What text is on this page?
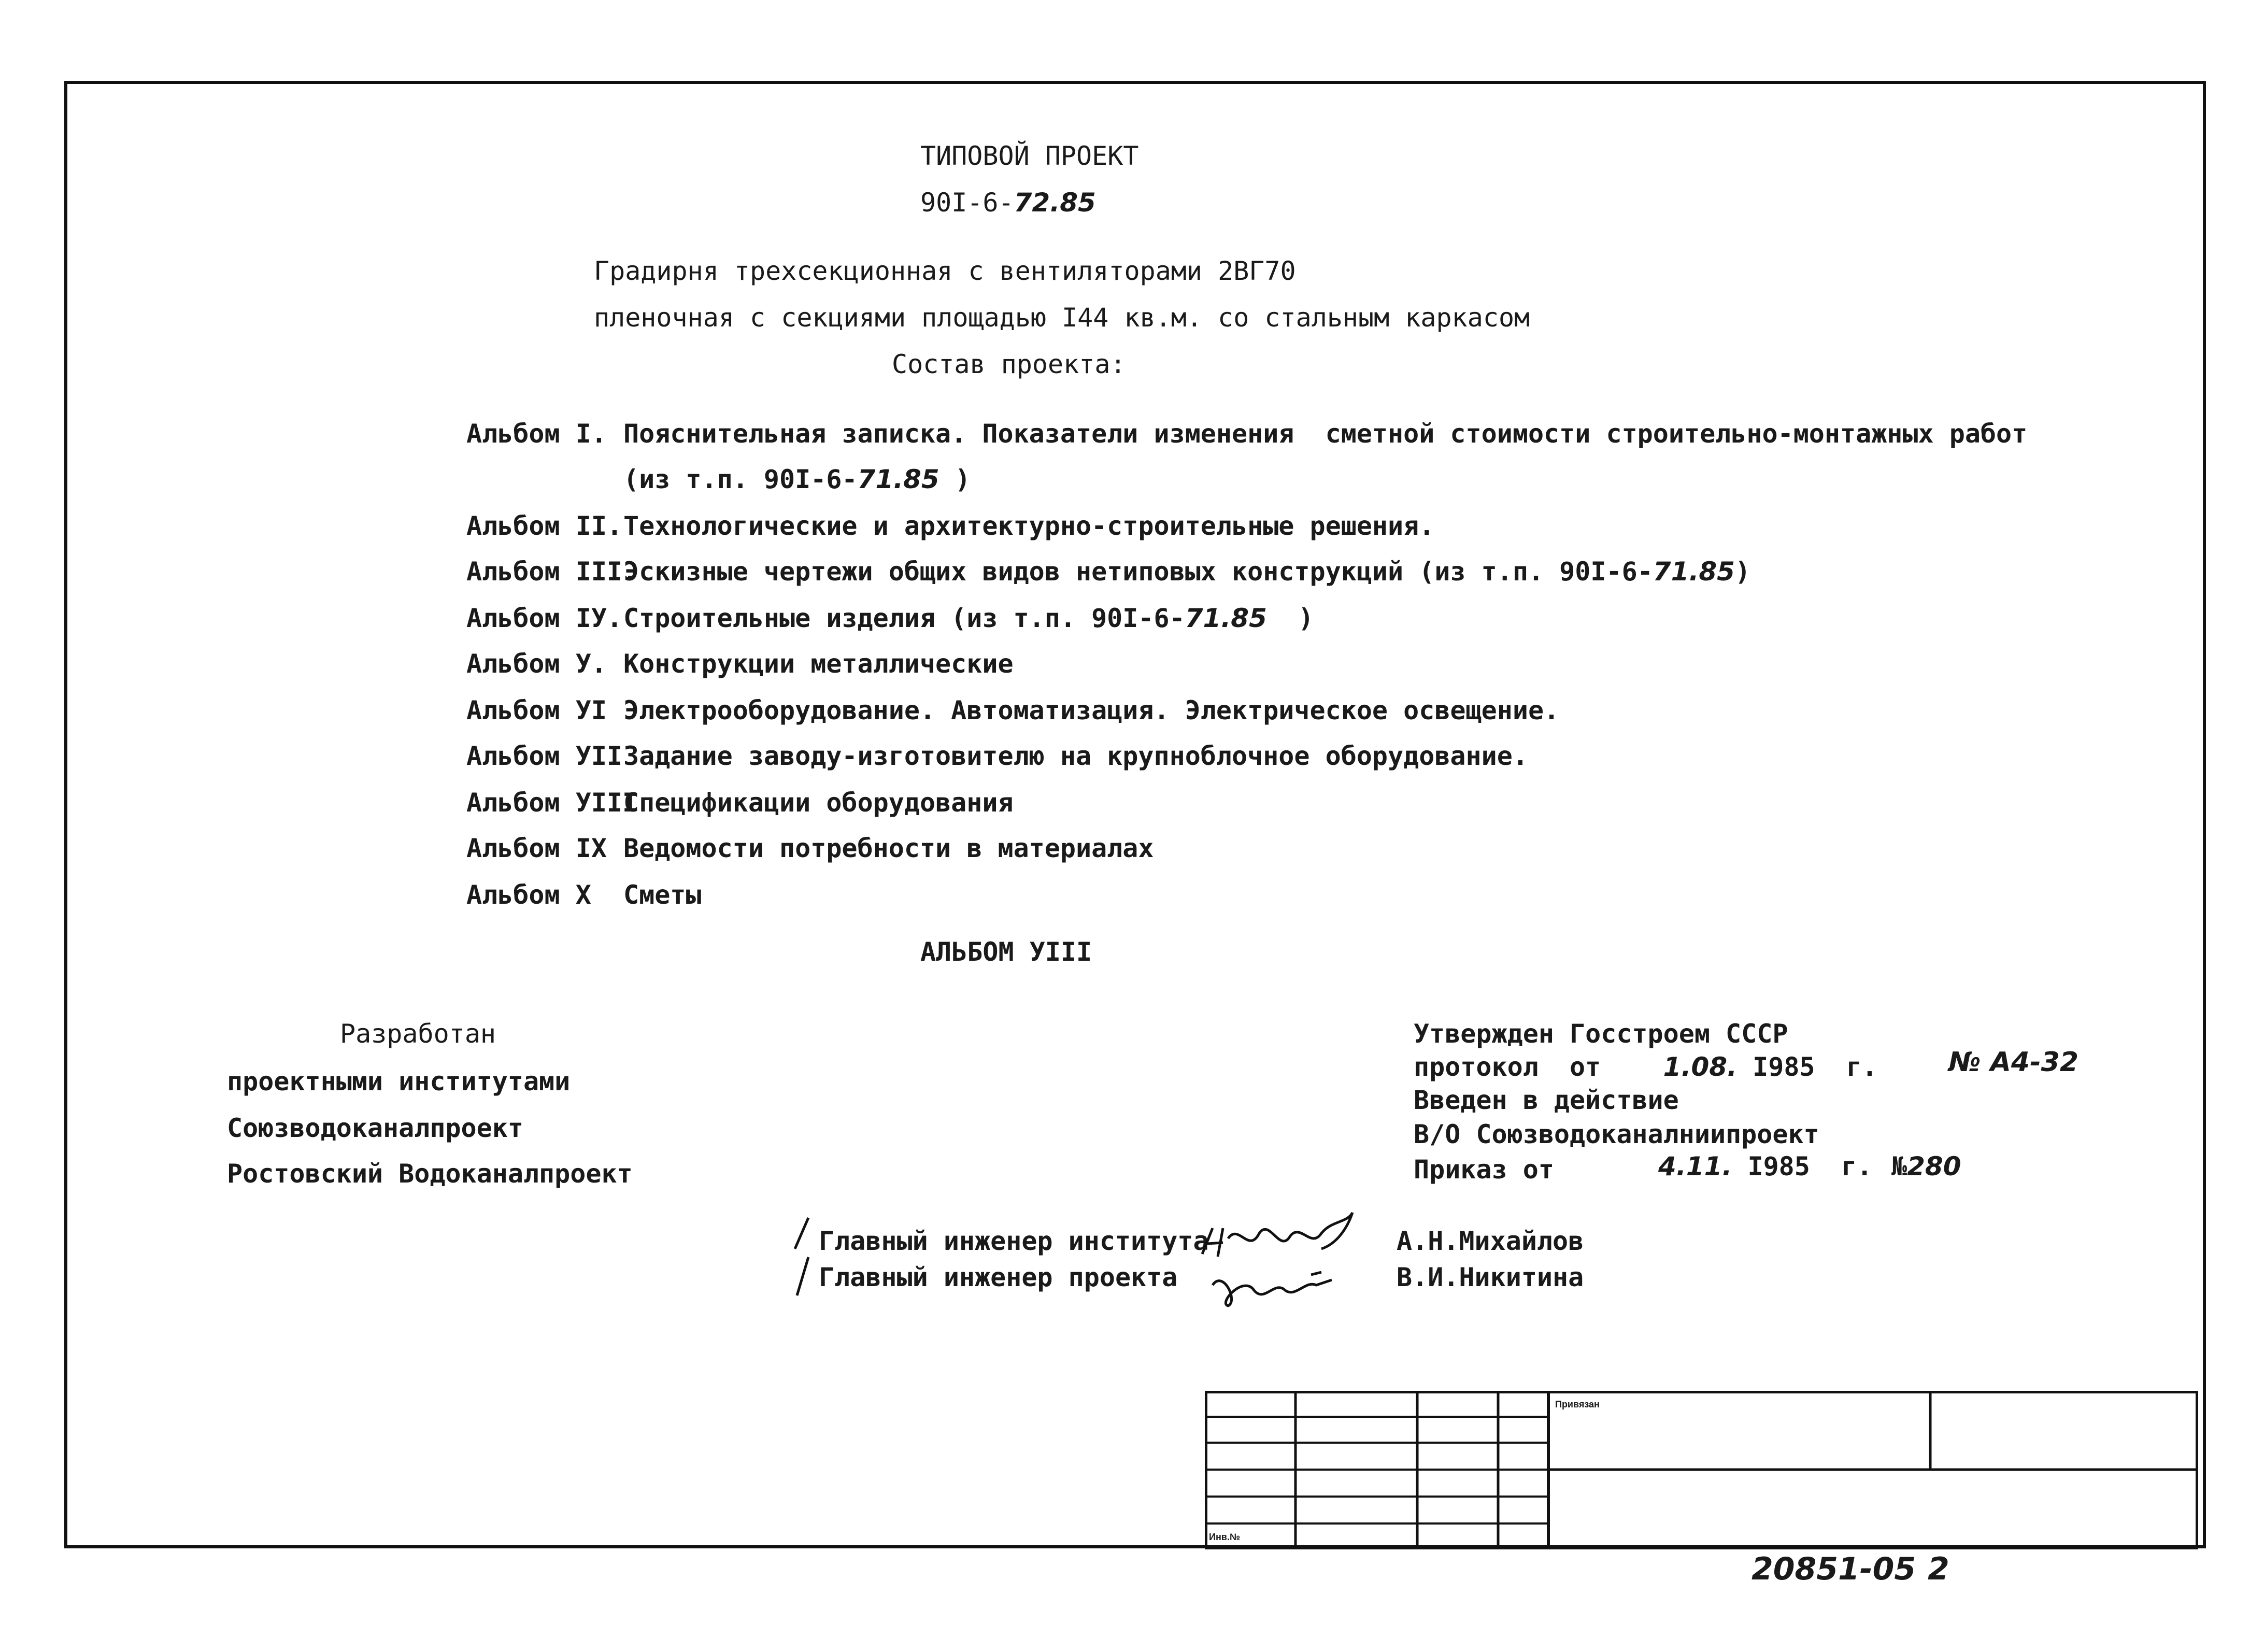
ТИПОВОЙ ПРОЕКТ
90I-6-72.85
Градирня трехсекционная с вентиляторами 2ВГ70
пленочная с секциями площадью I44 кв.м. со стальным каркасом
Состав проекта:
Альбом I. Пояснительная записка. Показатели изменения  сметной стоимости строительно-монтажных работ
(из т.п. 90I-6-71.85 )
Альбом II. Технологические и архитектурно-строительные решения.
Альбом III.
Эскизные чертежи общих видов нетиповых конструкций (из т.п. 90I-6-71.85)
Альбом IУ. Строительные изделия (из т.п. 90I-6-71.85  )
Альбом У. Конструкции металлические
Альбом УI Электрооборудование. Автоматизация. Электрическое освещение.
Альбом УII Задание заводу-изготовителю на крупноблочное оборудование.
Альбом УIII
Спецификации оборудования
Альбом IX Ведомости потребности в материалах
Альбом X Сметы
АЛЬБОМ УIII
Разработан
проектными институтами
Союзводоканалпроект
Ростовский Водоканалпроект
Утвержден Госстроем СССР
протокол  от 1.08. I985  г.	№ А4-32
Введен в действие
В/О Союзводоканалниипроект
Приказ от	4.11. I985  г. №280
Главный инженер института
Главный инженер проекта
А.Н.Михайлов
В.И.Никитина
Привязан
Инв.№
20851-05 2
